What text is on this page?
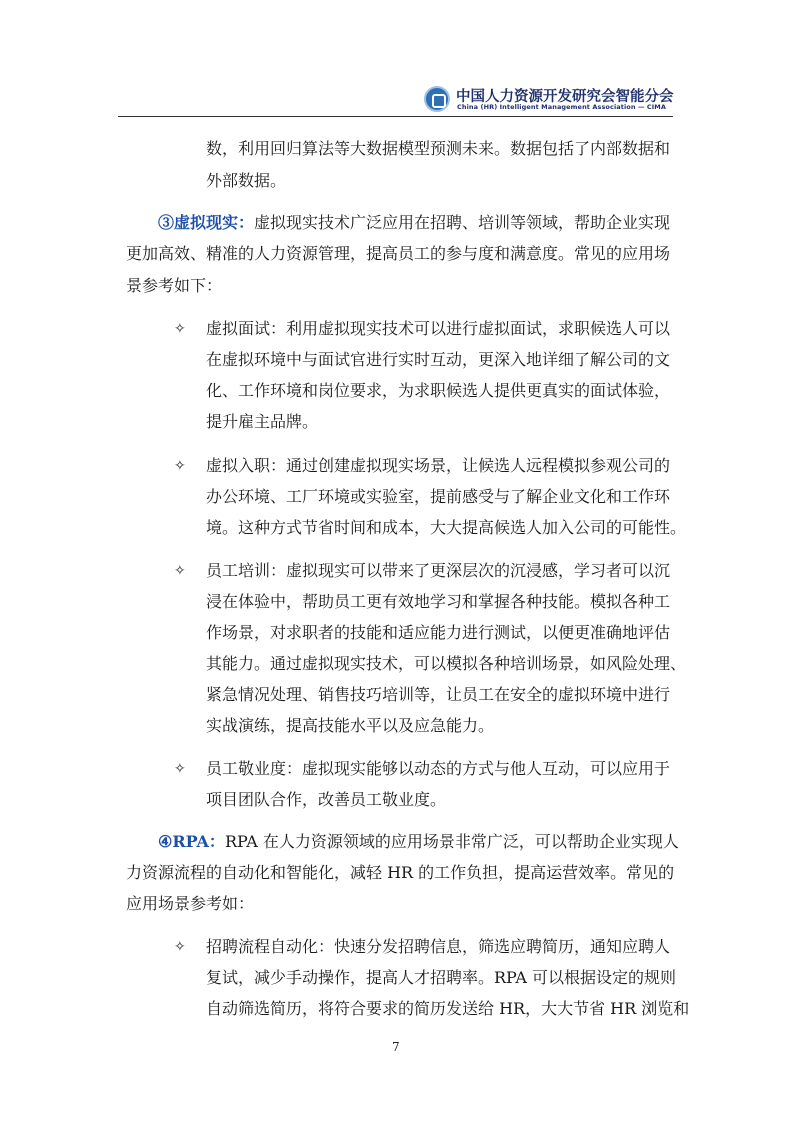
中国人力资源开发研究会智能分会
China (HR) Intelligent Management Association — CIMA
数，利用回归算法等大数据模型预测未来。数据包括了内部数据和
外部数据。
③虚拟现实：虚拟现实技术广泛应用在招聘、培训等领域，帮助企业实现
更加高效、精准的人力资源管理，提高员工的参与度和满意度。常见的应用场
景参考如下：
✧ 虚拟面试：利用虚拟现实技术可以进行虚拟面试，求职候选人可以
在虚拟环境中与面试官进行实时互动，更深入地详细了解公司的文
化、工作环境和岗位要求，为求职候选人提供更真实的面试体验，
提升雇主品牌。
✧ 虚拟入职：通过创建虚拟现实场景，让候选人远程模拟参观公司的
办公环境、工厂环境或实验室，提前感受与了解企业文化和工作环
境。这种方式节省时间和成本，大大提高候选人加入公司的可能性。
✧ 员工培训：虚拟现实可以带来了更深层次的沉浸感，学习者可以沉
浸在体验中，帮助员工更有效地学习和掌握各种技能。模拟各种工
作场景，对求职者的技能和适应能力进行测试，以便更准确地评估
其能力。通过虚拟现实技术，可以模拟各种培训场景，如风险处理、
紧急情况处理、销售技巧培训等，让员工在安全的虚拟环境中进行
实战演练，提高技能水平以及应急能力。
✧ 员工敬业度：虚拟现实能够以动态的方式与他人互动，可以应用于
项目团队合作，改善员工敬业度。
④RPA：RPA 在人力资源领域的应用场景非常广泛，可以帮助企业实现人
力资源流程的自动化和智能化，减轻 HR 的工作负担，提高运营效率。常见的
应用场景参考如：
✧ 招聘流程自动化：快速分发招聘信息，筛选应聘简历，通知应聘人
复试，减少手动操作，提高人才招聘率。RPA 可以根据设定的规则
自动筛选简历，将符合要求的简历发送给 HR，大大节省 HR 浏览和
7
